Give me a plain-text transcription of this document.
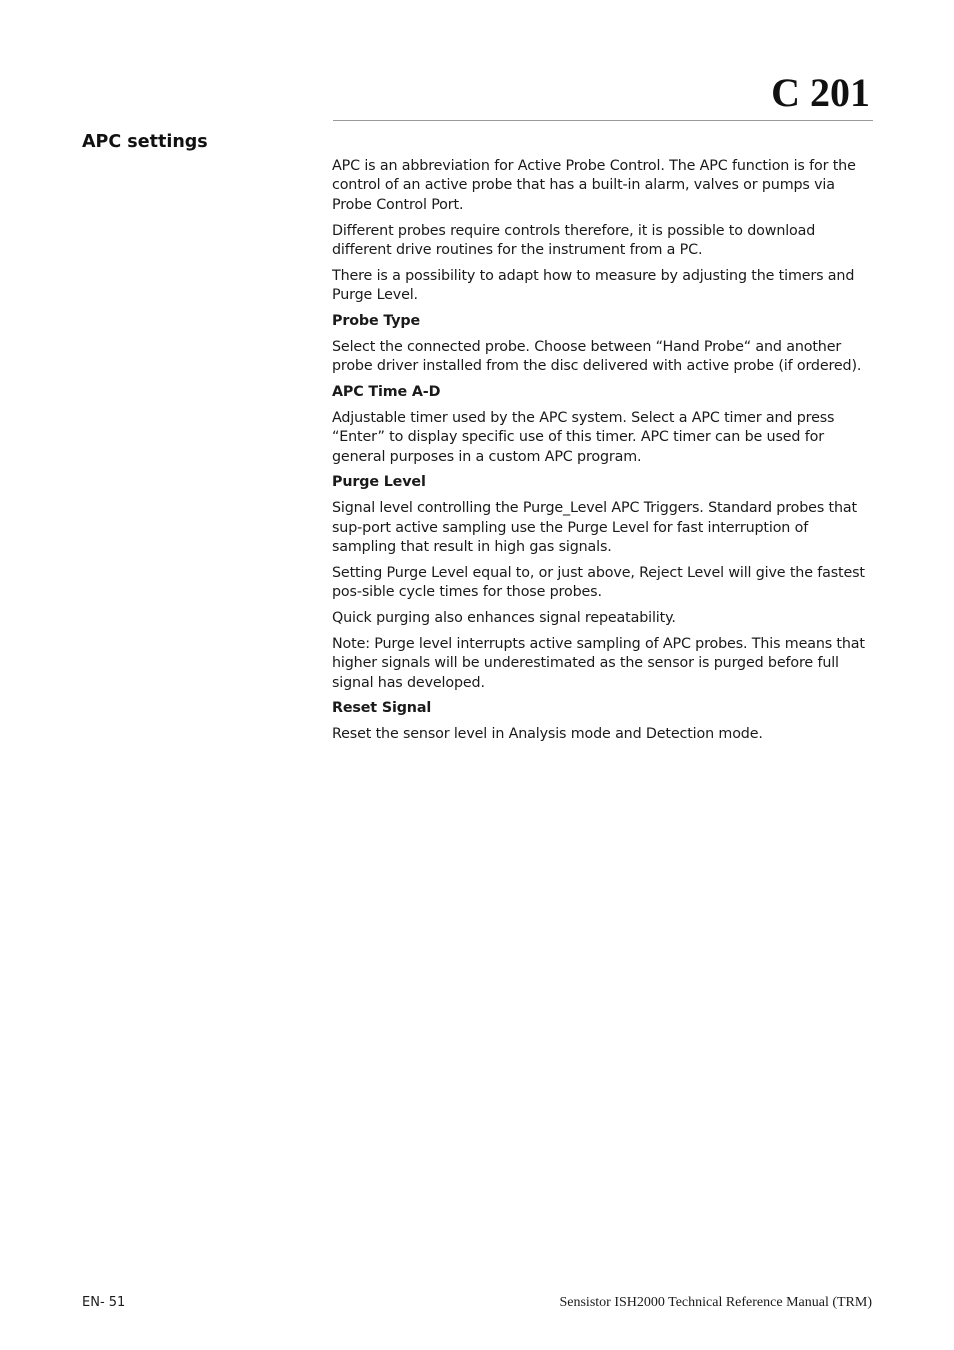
C 201
APC settings

APC is an abbreviation for Active Probe Control. The APC function is for the control of an active probe that has a built-in alarm, valves or pumps via Probe Control Port.

Different probes require controls therefore, it is possible to download different drive routines for the instrument from a PC.

There is a possibility to adapt how to measure by adjusting the timers and Purge Level.

Probe Type

Select the connected probe. Choose between “Hand Probe“ and another probe driver installed from the disc delivered with active probe (if ordered).

APC Time A-D

Adjustable timer used by the APC system. Select a APC timer and press “Enter” to display specific use of this timer. APC timer can be used for general purposes in a custom APC program.

Purge Level

Signal level controlling the Purge_Level APC Triggers. Standard probes that sup-port active sampling use the Purge Level for fast interruption of sampling that result in high gas signals.

Setting Purge Level equal to, or just above, Reject Level will give the fastest pos-sible cycle times for those probes.

Quick purging also enhances signal repeatability.

Note: Purge level interrupts active sampling of APC probes. This means that higher signals will be underestimated as the sensor is purged before full signal has developed.

Reset Signal

Reset the sensor level in Analysis mode and Detection mode.

EN- 51	Sensistor ISH2000 Technical Reference Manual (TRM)
